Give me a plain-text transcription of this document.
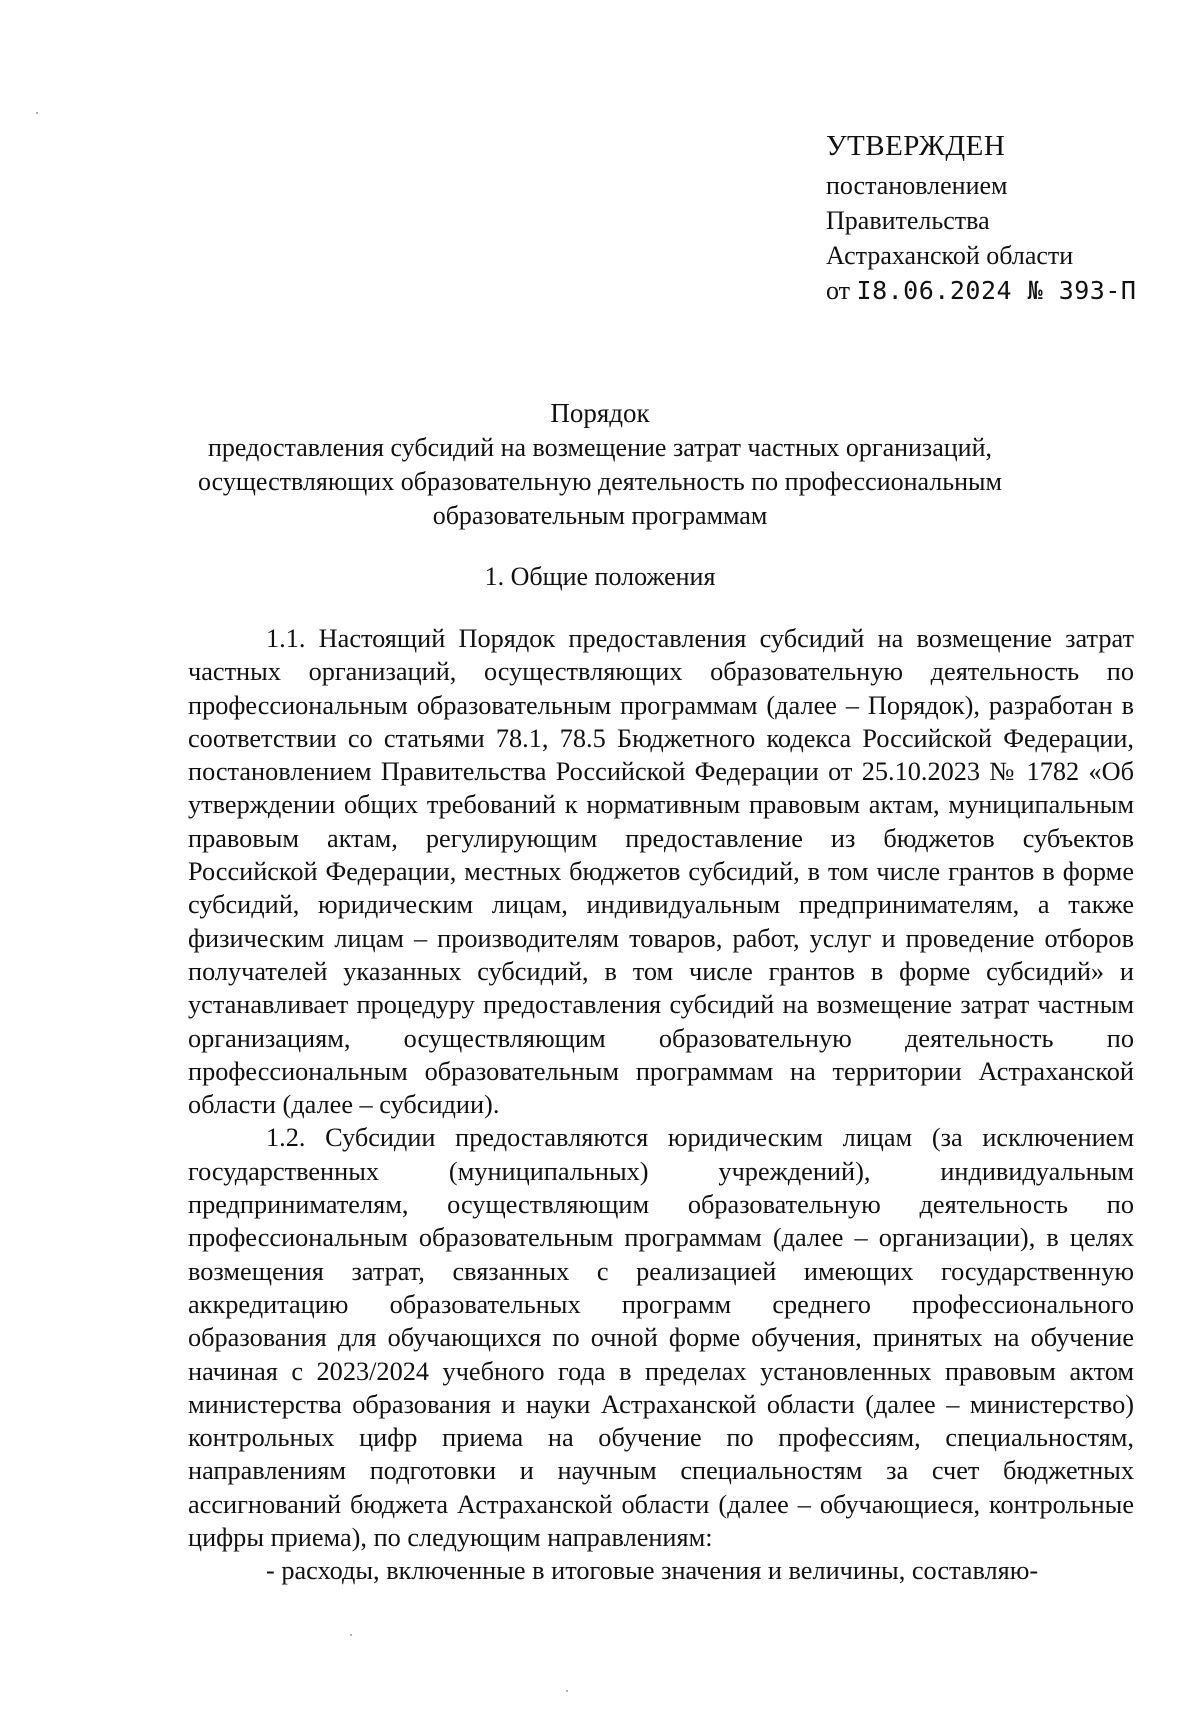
УТВЕРЖДЕН
постановлением
Правительства
Астраханской области
от I8.06.2024 № 393-П
Порядок
предоставления субсидий на возмещение затрат частных организаций, осуществляющих образовательную деятельность по профессиональным образовательным программам
1. Общие положения

1.1. Настоящий Порядок предоставления субсидий на возмещение затрат частных организаций, осуществляющих образовательную деятельность по профессиональным образовательным программам (далее – Порядок), разработан в соответствии со статьями 78.1, 78.5 Бюджетного кодекса Российской Федерации, постановлением Правительства Российской Федерации от 25.10.2023 № 1782 «Об утверждении общих требований к нормативным правовым актам, муниципальным правовым актам, регулирующим предоставление из бюджетов субъектов Российской Федерации, местных бюджетов субсидий, в том числе грантов в форме субсидий, юридическим лицам, индивидуальным предпринимателям, а также физическим лицам – производителям товаров, работ, услуг и проведение отборов получателей указанных субсидий, в том числе грантов в форме субсидий» и устанавливает процедуру предоставления субсидий на возмещение затрат частным организациям, осуществляющим образовательную деятельность по профессиональным образовательным программам на территории Астраханской области (далее – субсидии).

1.2. Субсидии предоставляются юридическим лицам (за исключением государственных (муниципальных) учреждений), индивидуальным предпринимателям, осуществляющим образовательную деятельность по профессиональным образовательным программам (далее – организации), в целях возмещения затрат, связанных с реализацией имеющих государственную аккредитацию образовательных программ среднего профессионального образования для обучающихся по очной форме обучения, принятых на обучение начиная с 2023/2024 учебного года в пределах установленных правовым актом министерства образования и науки Астраханской области (далее – министерство) контрольных цифр приема на обучение по профессиям, специальностям, направлениям подготовки и научным специальностям за счет бюджетных ассигнований бюджета Астраханской области (далее – обучающиеся, контрольные цифры приема), по следующим направлениям:

- расходы, включенные в итоговые значения и величины, составляю-
